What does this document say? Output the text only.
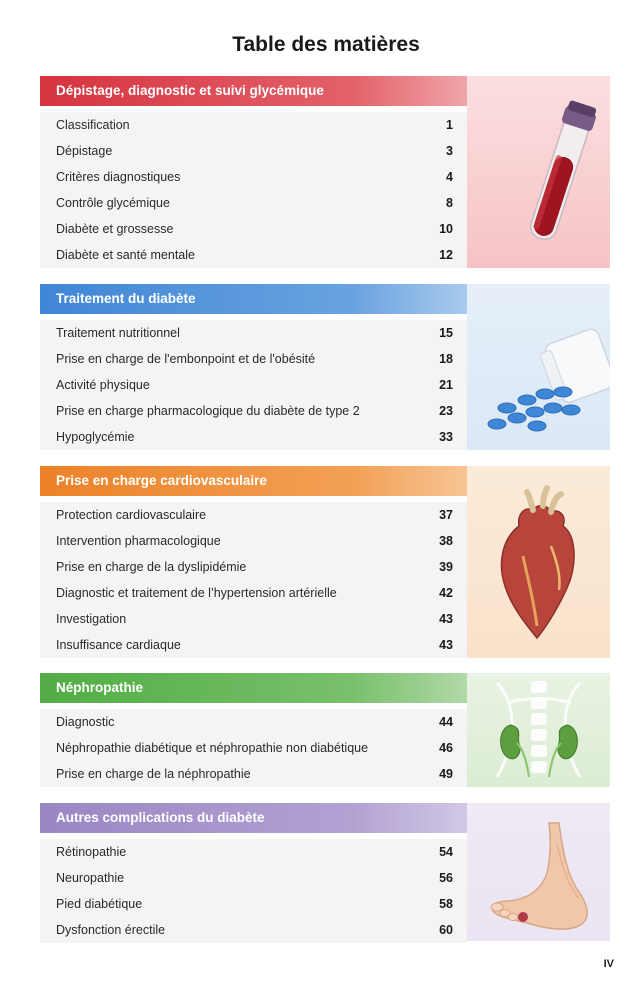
Table des matières
Dépistage, diagnostic et suivi glycémique
Classification	1
Dépistage	3
Critères diagnostiques	4
Contrôle glycémique	8
Diabète et grossesse	10
Diabète et santé mentale	12
Traitement du diabète
Traitement nutritionnel	15
Prise en charge de l'embonpoint et de l'obésité	18
Activité physique	21
Prise en charge pharmacologique du diabète de type 2	23
Hypoglycémie	33
Prise en charge cardiovasculaire
Protection cardiovasculaire	37
Intervention pharmacologique	38
Prise en charge de la dyslipidémie	39
Diagnostic et traitement de l’hypertension artérielle	42
Investigation	43
Insuffisance cardiaque	43
Néphropathie
Diagnostic	44
Néphropathie diabétique et néphropathie non diabétique	46
Prise en charge de la néphropathie	49
Autres complications du diabète
Rétinopathie	54
Neuropathie	56
Pied diabétique	58
Dysfonction érectile	60
IV
